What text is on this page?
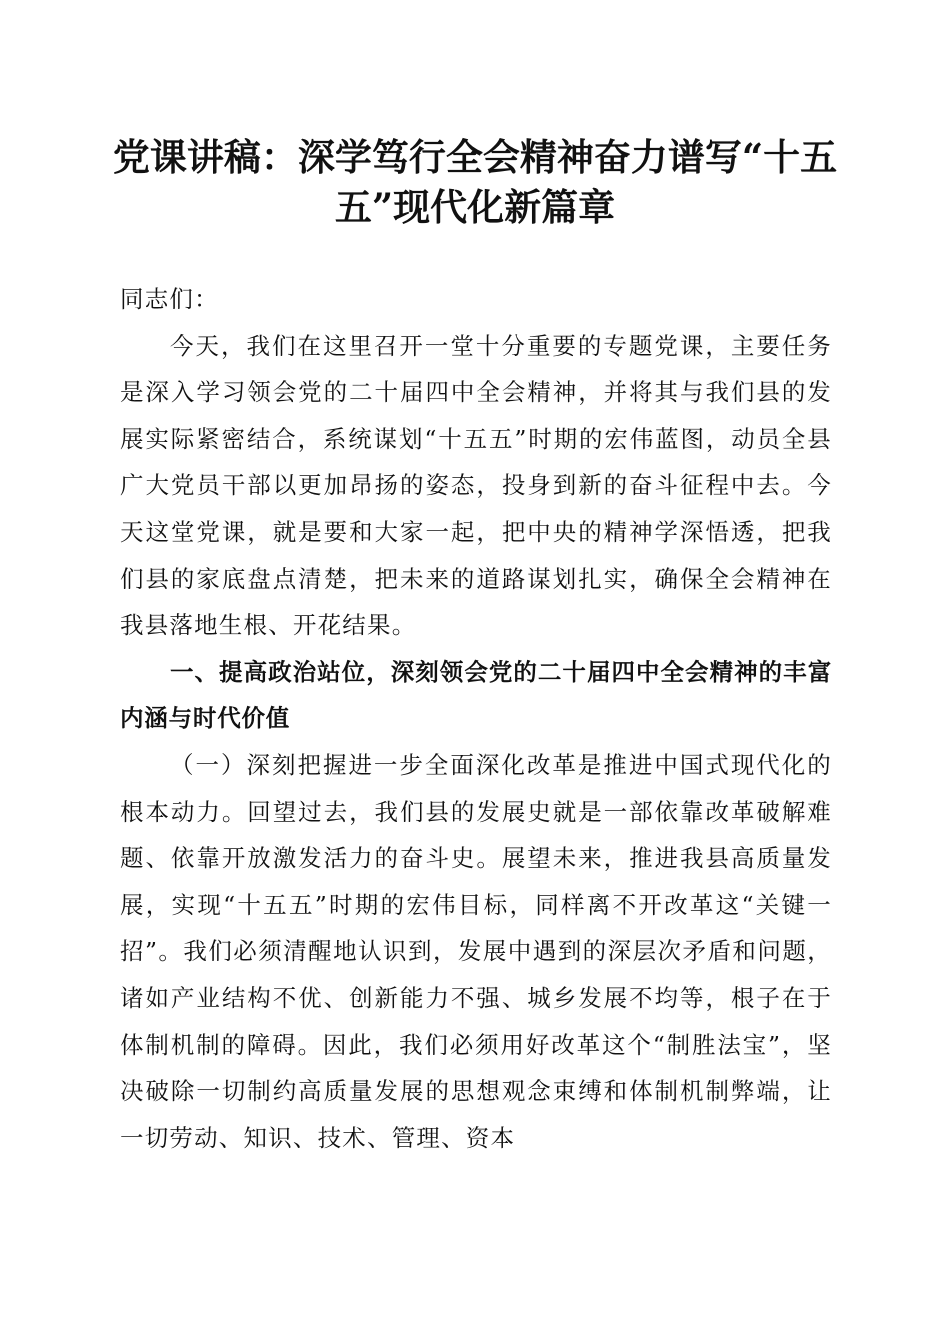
党课讲稿：深学笃行全会精神奋力谱写“十五五”现代化新篇章

同志们：

今天，我们在这里召开一堂十分重要的专题党课，主要任务是深入学习领会党的二十届四中全会精神，并将其与我们县的发展实际紧密结合，系统谋划“十五五”时期的宏伟蓝图，动员全县广大党员干部以更加昂扬的姿态，投身到新的奋斗征程中去。今天这堂党课，就是要和大家一起，把中央的精神学深悟透，把我们县的家底盘点清楚，把未来的道路谋划扎实，确保全会精神在我县落地生根、开花结果。

一、提高政治站位，深刻领会党的二十届四中全会精神的丰富内涵与时代价值

（一）深刻把握进一步全面深化改革是推进中国式现代化的根本动力。回望过去，我们县的发展史就是一部依靠改革破解难题、依靠开放激发活力的奋斗史。展望未来，推进我县高质量发展，实现“十五五”时期的宏伟目标，同样离不开改革这“关键一招”。我们必须清醒地认识到，发展中遇到的深层次矛盾和问题，诸如产业结构不优、创新能力不强、城乡发展不均等，根子在于体制机制的障碍。因此，我们必须用好改革这个“制胜法宝”，坚决破除一切制约高质量发展的思想观念束缚和体制机制弊端，让一切劳动、知识、技术、管理、资本
